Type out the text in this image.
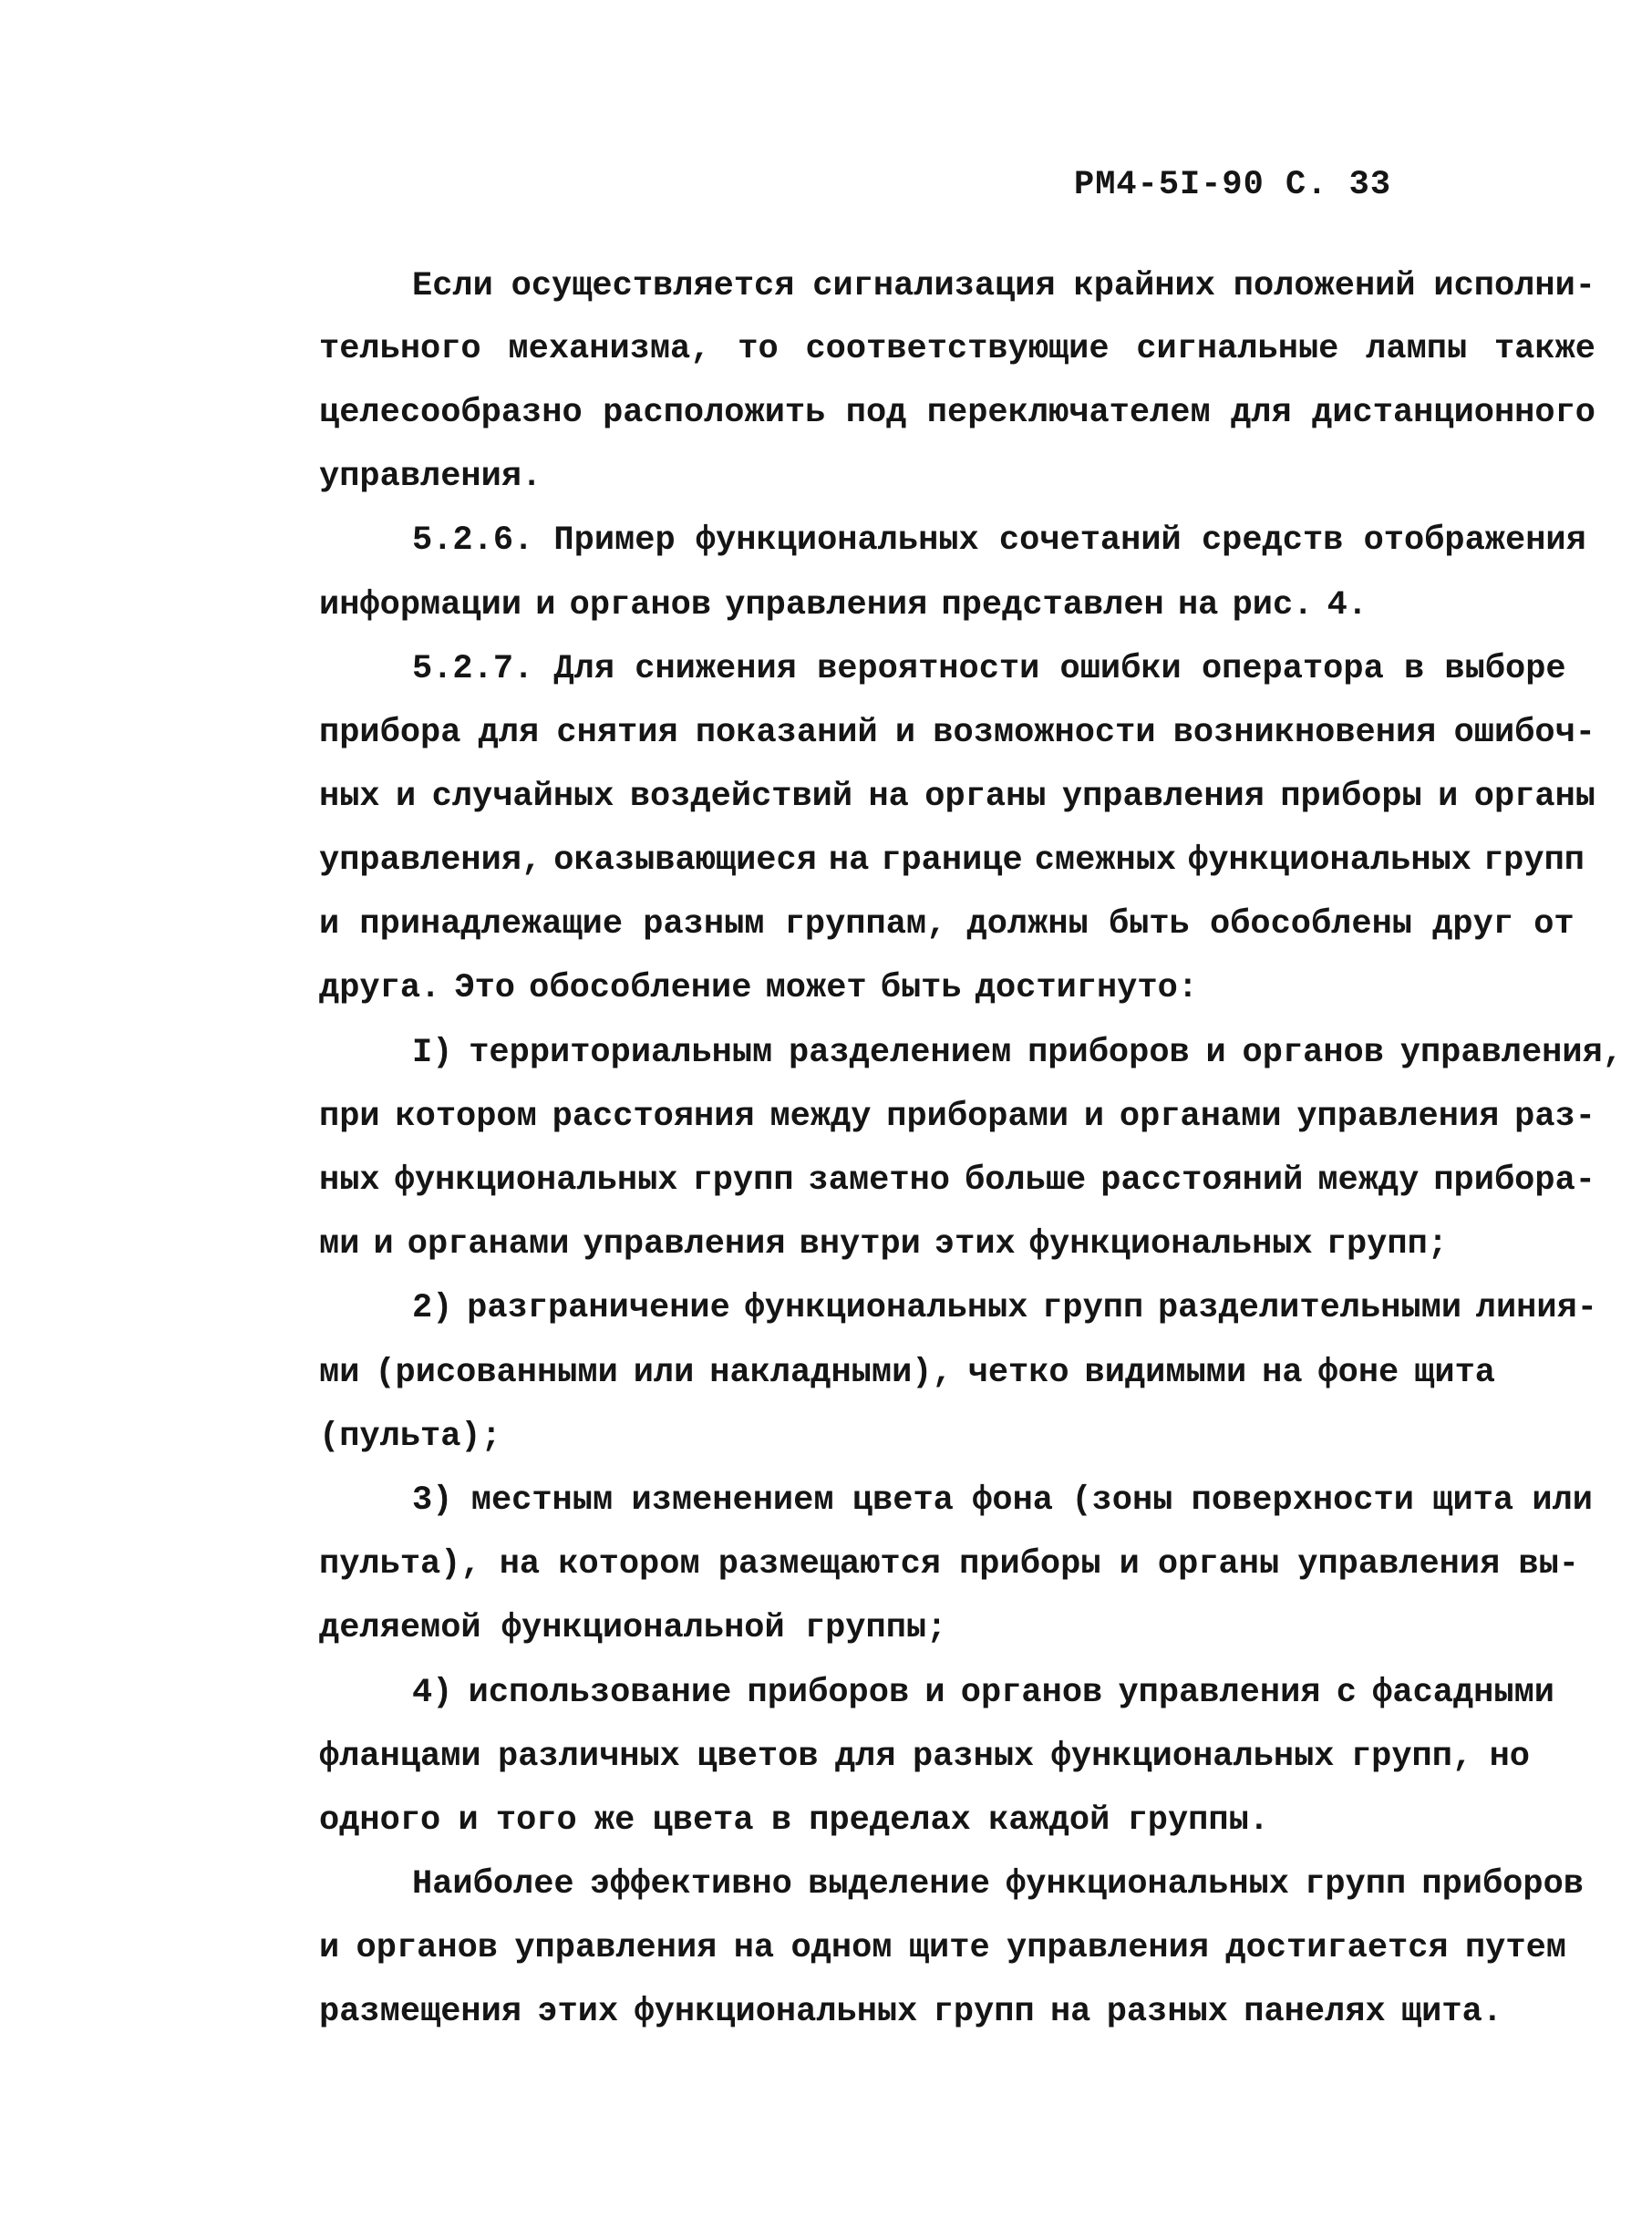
РМ4-5I-90 С. 33
Если осуществляется сигнализация крайних положений исполни-
тельного механизма, то соответствующие сигнальные лампы также
целесообразно расположить под переключателем для дистанционного
управления.
5.2.6. Пример функциональных сочетаний средств отображения
информации и органов управления представлен на рис. 4.
5.2.7. Для снижения вероятности ошибки оператора в выборе
прибора для снятия показаний и возможности возникновения ошибоч-
ных и случайных воздействий на органы управления приборы и органы
управления, оказывающиеся на границе смежных функциональных групп
и принадлежащие разным группам, должны быть обособлены друг от
друга. Это обособление может быть достигнуто:
I) территориальным разделением приборов и органов управления,
при котором расстояния между приборами и органами управления раз-
ных функциональных групп заметно больше расстояний между прибора-
ми и органами управления внутри этих функциональных групп;
2) разграничение функциональных групп разделительными линия-
ми (рисованными или накладными), четко видимыми на фоне щита
(пульта);
3) местным изменением цвета фона (зоны поверхности щита или
пульта), на котором размещаются приборы и органы управления вы-
деляемой функциональной группы;
4) использование приборов и органов управления с фасадными
фланцами различных цветов для разных функциональных групп, но
одного и того же цвета в пределах каждой группы.
Наиболее эффективно выделение функциональных групп приборов
и органов управления на одном щите управления достигается путем
размещения этих функциональных групп на разных панелях щита.
